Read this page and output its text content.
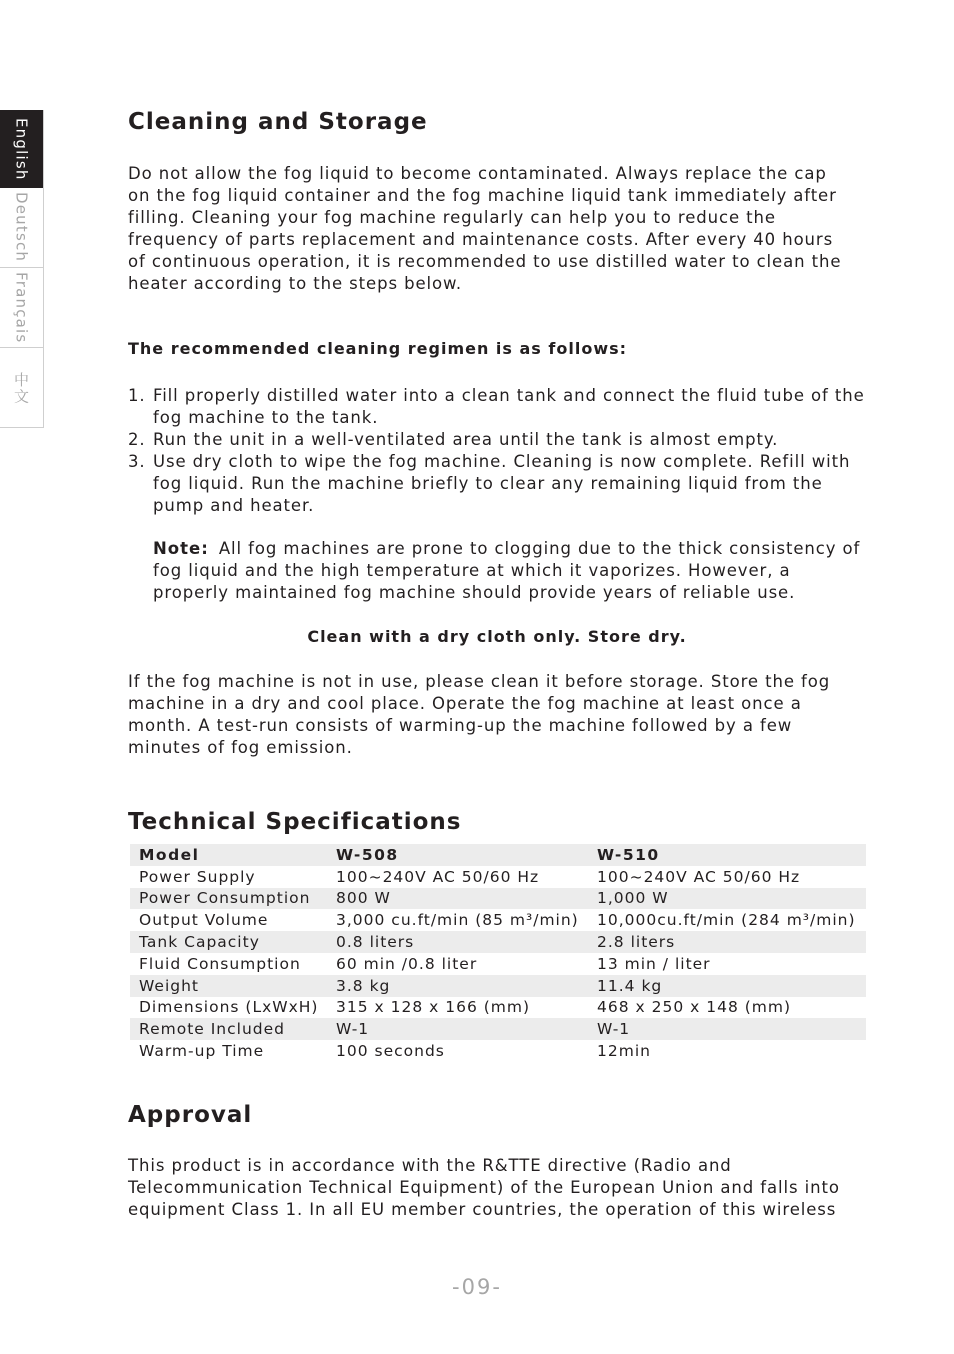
English
Deutsch
Français
中文
Cleaning and Storage
Do not allow the fog liquid to become contaminated. Always replace the cap
on the fog liquid container and the fog machine liquid tank immediately after
filling. Cleaning your fog machine regularly can help you to reduce the
frequency of parts replacement and maintenance costs. After every 40 hours
of continuous operation, it is recommended to use distilled water to clean the
heater according to the steps below.

The recommended cleaning regimen is as follows:

1. Fill properly distilled water into a clean tank and connect the fluid tube of the fog machine to the tank.
2. Run the unit in a well-ventilated area until the tank is almost empty.
3. Use dry cloth to wipe the fog machine. Cleaning is now complete. Refill with fog liquid. Run the machine briefly to clear any remaining liquid from the pump and heater.

Note: All fog machines are prone to clogging due to the thick consistency of fog liquid and the high temperature at which it vaporizes. However, a properly maintained fog machine should provide years of reliable use.

Clean with a dry cloth only. Store dry.

If the fog machine is not in use, please clean it before storage. Store the fog
machine in a dry and cool place. Operate the fog machine at least once a
month. A test-run consists of warming-up the machine followed by a few
minutes of fog emission.
Technical Specifications
Model	W-508	W-510
Power Supply	100~240V AC 50/60 Hz	100~240V AC 50/60 Hz
Power Consumption	800 W	1,000 W
Output Volume	3,000 cu.ft/min (85 m³/min)	10,000cu.ft/min (284 m³/min)
Tank Capacity	0.8 liters	2.8 liters
Fluid Consumption	60 min /0.8 liter	13 min / liter
Weight	3.8 kg	11.4 kg
Dimensions (LxWxH)	315 x 128 x 166 (mm)	468 x 250 x 148 (mm)
Remote Included	W-1	W-1
Warm-up Time	100 seconds	12min
Approval
This product is in accordance with the R&TTE directive (Radio and
Telecommunication Technical Equipment) of the European Union and falls into
equipment Class 1. In all EU member countries, the operation of this wireless
-09-
